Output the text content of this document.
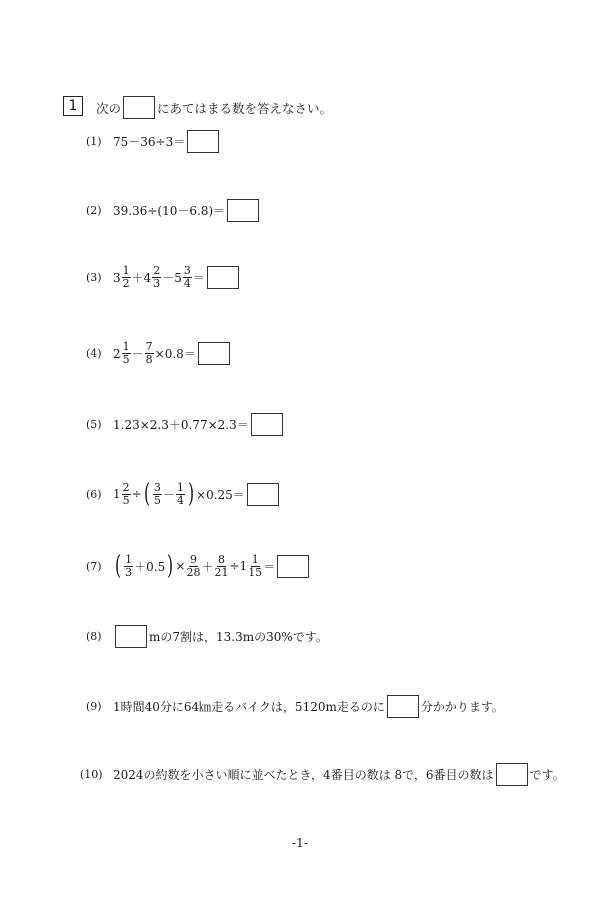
1	次の	にあてはまる数を答えなさい。
(1) 75－36÷3＝
(2) 39.36÷(10－6.8)＝
(3) $3 \frac{1}{2} +4 \frac{2}{3} -5 \frac{3}{4}$ ＝
(4) $2 \frac{1}{5} - \frac{7}{8} \times 0.8=$
(5) 1.23×2.3＋0.77×2.3＝
(6) $1 \frac{2}{5}$ ÷ ( $\frac{3}{5} - \frac{1}{4}$ ) ×0.25＝
(7) ( $\frac{1}{3} +0.5$ ) × $\frac{9}{28} + \frac{8}{21} \div 1 \frac{1}{15}$ ＝
(8)	mの7割は，13.3mの30%です。
(9) 1時間40分に64㎞走るバイクは，5120m走るのに	分かかります。
(10) 2024の約数を小さい順に並べたとき，4番目の数は 8で，6番目の数は	です。
-1-
